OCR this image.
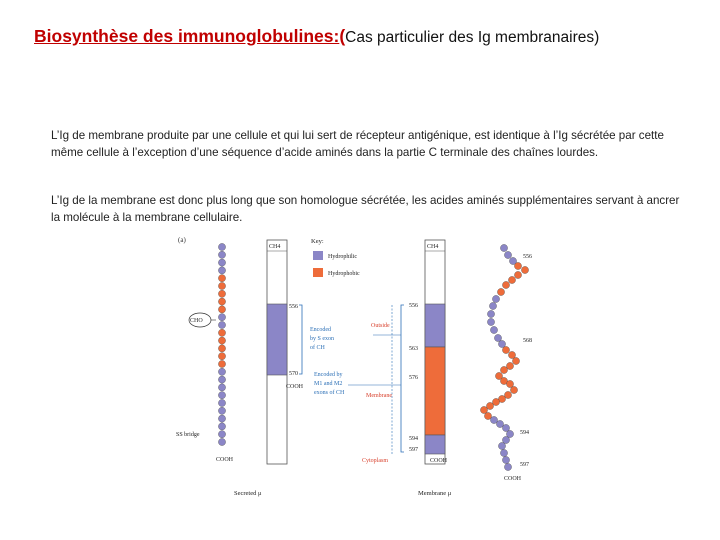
Biosynthèse des immunoglobulines:(Cas particulier des Ig membranaires)
L’Ig de membrane produite par une cellule et qui lui sert de récepteur antigénique, est identique à l’Ig sécrétée par cette même cellule à l’exception d’une séquence d’acide aminés dans la partie C terminale des chaînes lourdes.
L’Ig de la membrane est donc plus long que son homologue sécrétée, les acides aminés supplémentaires servant à ancrer la molécule à la membrane cellulaire.
(a)
CH4
556
570
COOH
Encoded
by S exon
of CH
Key:
Hydrophilic
Hydrophobic
CHO
SS bridge
COOH
Secreted μ
CH4
556
563
576
594
597
COOH
Outside
Membrane
Cytoplasm
Encoded by
M1 and M2
exons of CH
556
568
594
597
COOH
Membrane μ
